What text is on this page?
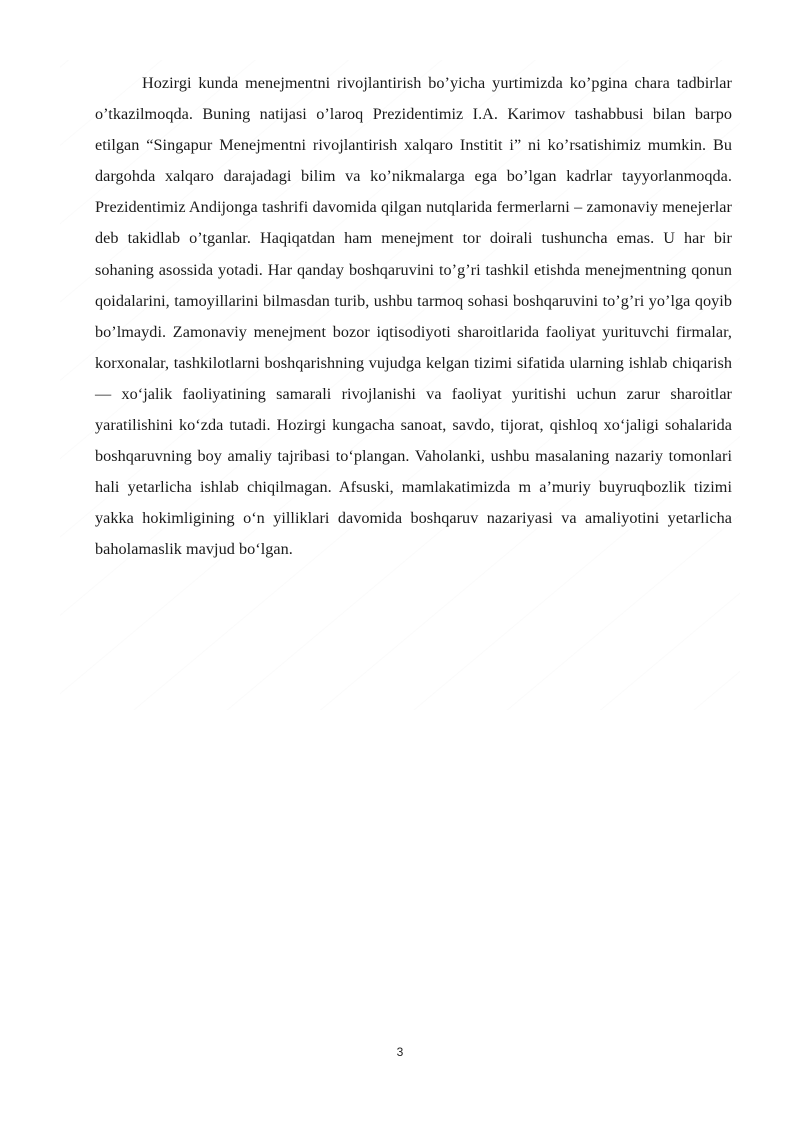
Hozirgi kunda menejmentni rivojlantirish bo’yicha yurtimizda ko’pgina chara tadbirlar o’tkazilmoqda. Buning natijasi o’laroq Prezidentimiz I.A. Karimov tashabbusi bilan barpo etilgan “Singapur Menejmentni rivojlantirish xalqaro Institit i” ni ko’rsatishimiz mumkin. Bu dargohda xalqaro darajadagi bilim va ko’nikmalarga ega bo’lgan kadrlar tayyorlanmoqda. Prezidentimiz Andijonga tashrifi davomida qilgan nutqlarida fermerlarni – zamonaviy menejerlar deb takidlab o’tganlar. Haqiqatdan ham menejment tor doirali tushuncha emas. U har bir sohaning asossida yotadi. Har qanday boshqaruvini to’g’ri tashkil etishda menejmentning qonun qoidalarini, tamoyillarini bilmasdan turib, ushbu tarmoq sohasi boshqaruvini to’g’ri yo’lga qoyib bo’lmaydi. Zamonaviy menejment bozor iqtisodiyoti sharoitlarida faoliyat yurituvchi firmalar, korxonalar, tashkilotlarni boshqarishning vujudga kelgan tizimi sifatida ularning ishlab chiqarish — xo‘jalik faoliyatining samarali rivojlanishi va faoliyat yuritishi uchun zarur sharoitlar yaratilishini ko‘zda tutadi. Hozirgi kungacha sanoat, savdo, tijorat, qishloq xo‘jaligi sohalarida boshqaruvning boy amaliy tajribasi to‘plangan. Vaholanki, ushbu masalaning nazariy tomonlari hali yetarlicha ishlab chiqilmagan. Afsuski, mamlakatimizda m a’muriy buyruqbozlik tizimi yakka hokimligining o‘n yilliklari davomida boshqaruv nazariyasi va amaliyotini yetarlicha baholamaslik mavjud bo‘lgan.

3
